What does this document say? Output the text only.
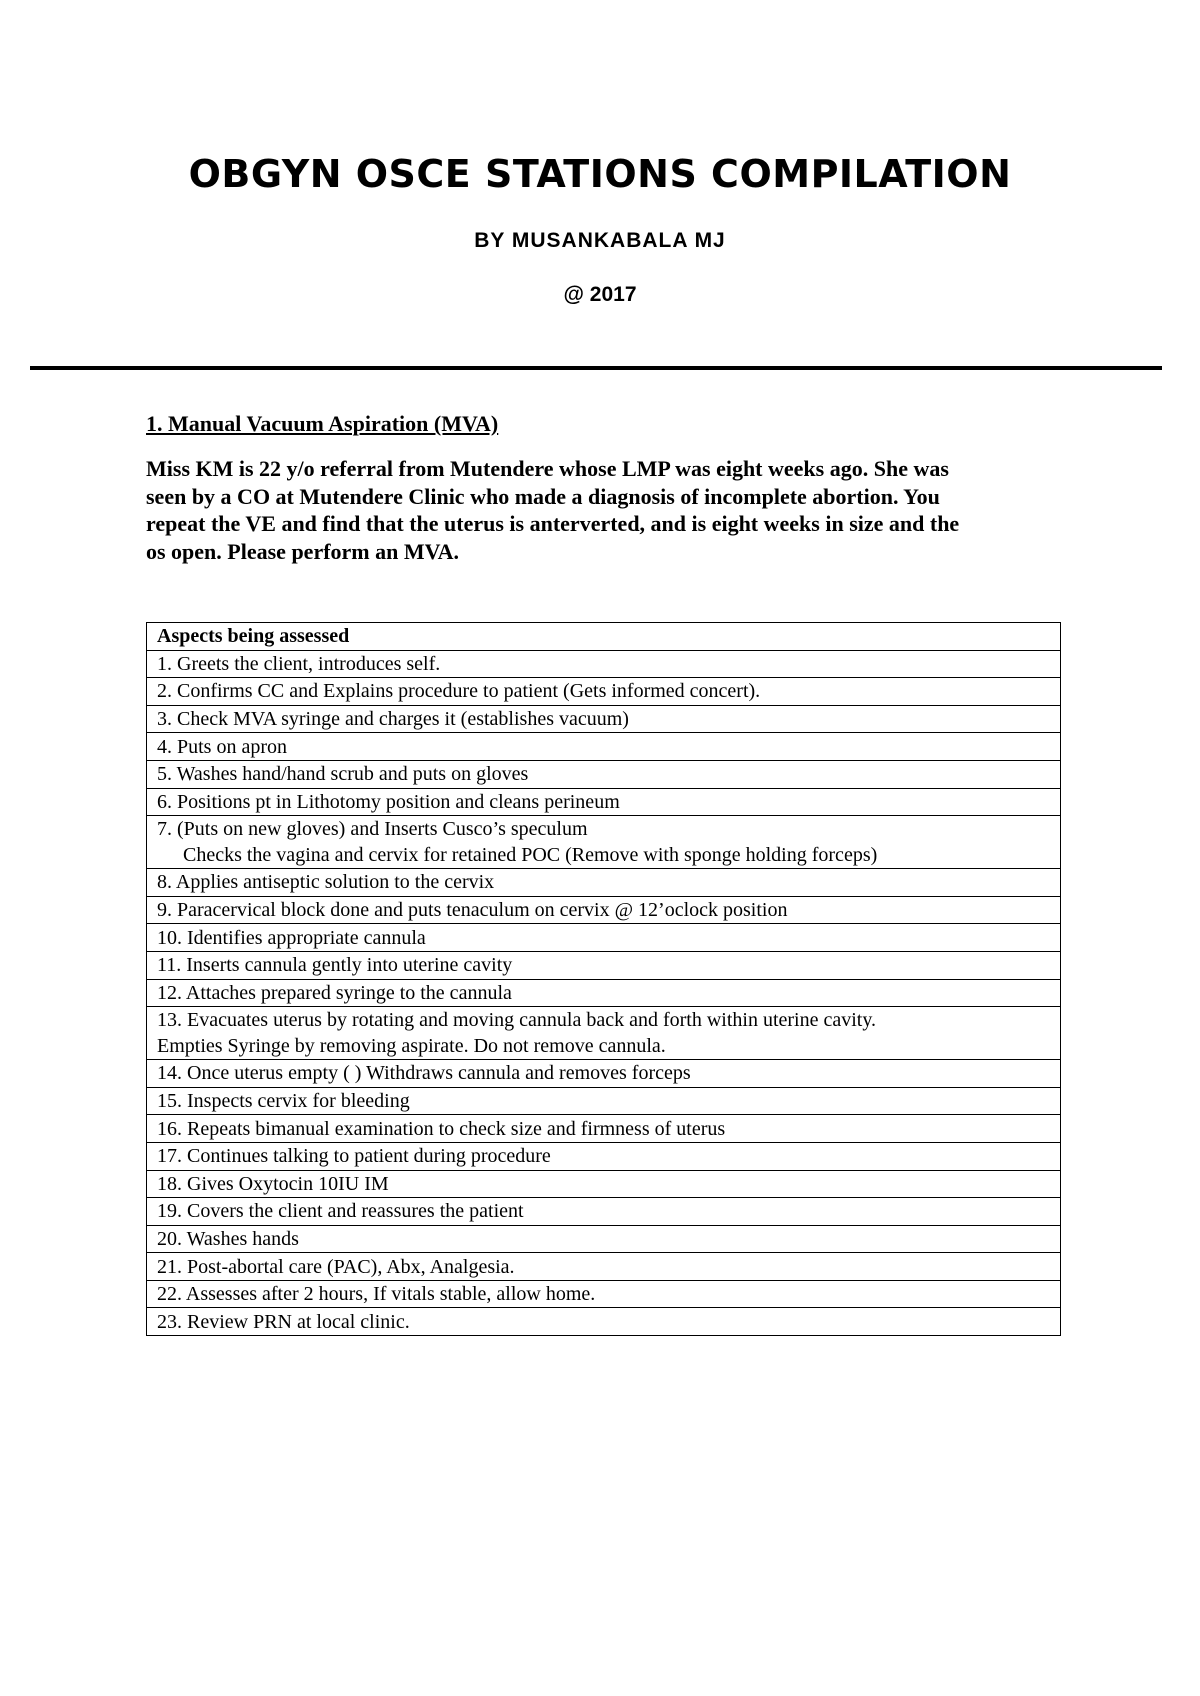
OBGYN OSCE STATIONS COMPILATION
BY MUSANKABALA MJ
@ 2017
1. Manual Vacuum Aspiration (MVA)

Miss KM is 22 y/o referral from Mutendere whose LMP was eight weeks ago. She was

seen by a CO at Mutendere Clinic who made a diagnosis of incomplete abortion. You

repeat the VE and find that the uterus is anterverted, and is eight weeks in size and the

os open. Please perform an MVA.

Aspects being assessed
1. Greets the client, introduces self.
2. Confirms CC and Explains procedure to patient (Gets informed concert).
3. Check MVA syringe and charges it (establishes vacuum)
4. Puts on apron
5. Washes hand/hand scrub and puts on gloves
6. Positions pt in Lithotomy position and cleans perineum

7. (Puts on new gloves) and Inserts Cusco’s speculum
Checks the vagina and cervix for retained POC (Remove with sponge holding forceps)

8. Applies antiseptic solution to the cervix
9. Paracervical block done and puts tenaculum on cervix @ 12’oclock position
10. Identifies appropriate cannula
11. Inserts cannula gently into uterine cavity
12. Attaches prepared syringe to the cannula

13. Evacuates uterus by rotating and moving cannula back and forth within uterine cavity.
Empties Syringe by removing aspirate. Do not remove cannula.

14. Once uterus empty ( ) Withdraws cannula and removes forceps
15. Inspects cervix for bleeding
16. Repeats bimanual examination to check size and firmness of uterus
17. Continues talking to patient during procedure
18. Gives Oxytocin 10IU IM
19. Covers the client and reassures the patient
20. Washes hands
21. Post-abortal care (PAC), Abx, Analgesia.
22. Assesses after 2 hours, If vitals stable, allow home.
23. Review PRN at local clinic.
